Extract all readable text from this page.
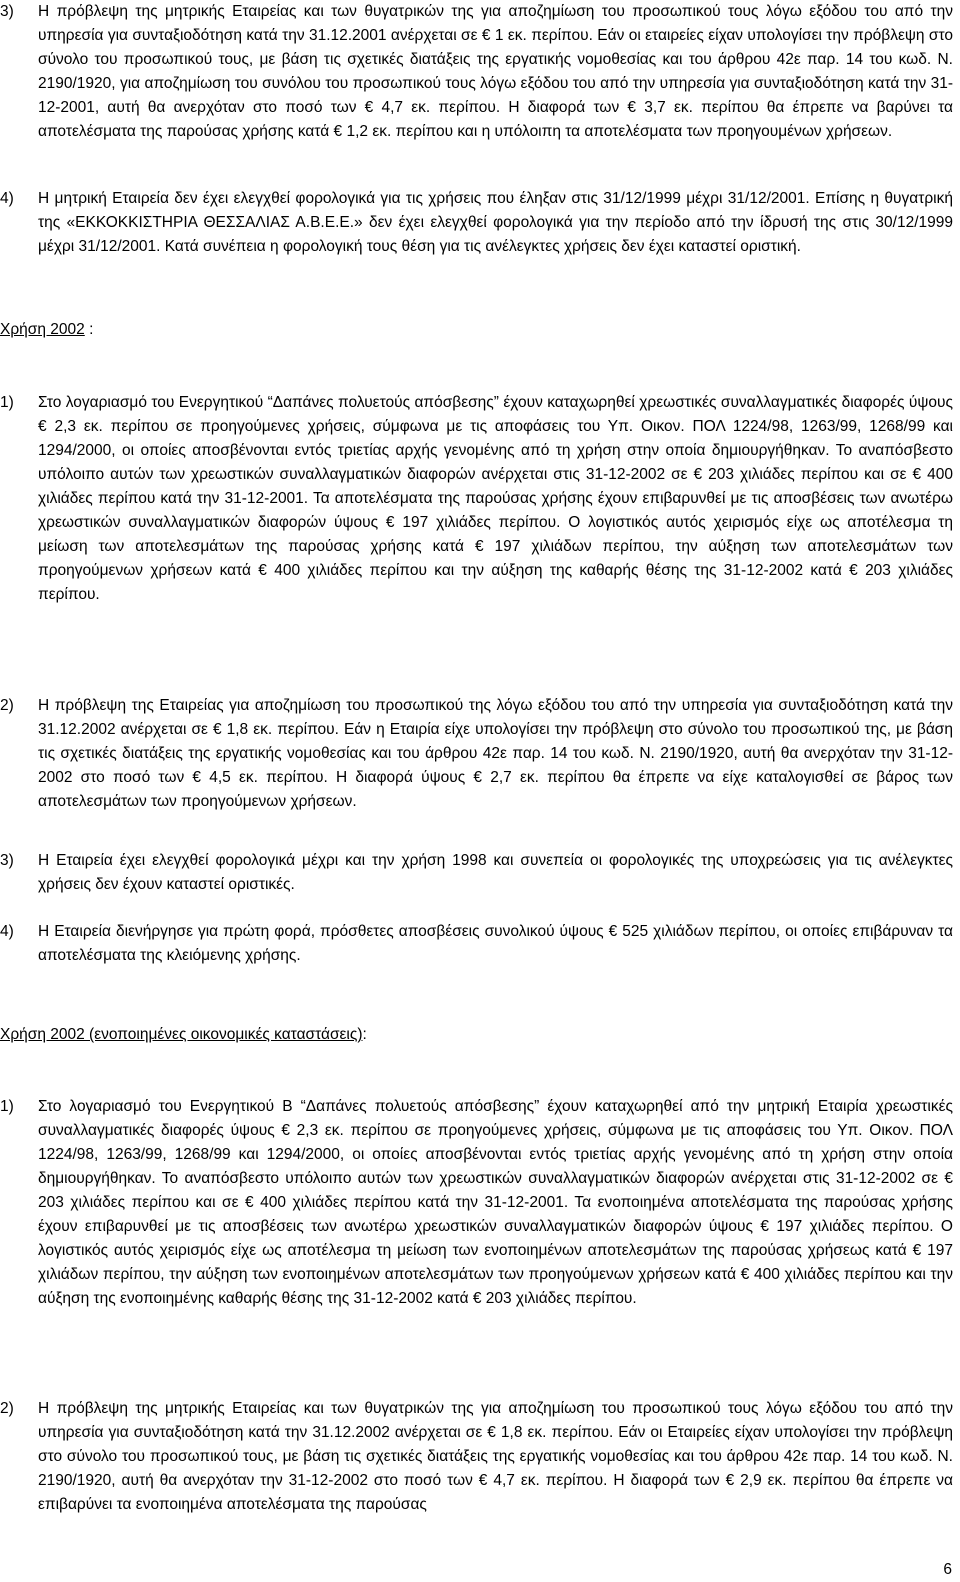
3) Η πρόβλεψη της μητρικής Εταιρείας και των θυγατρικών της για αποζημίωση του προσωπικού τους λόγω εξόδου του από την υπηρεσία για συνταξιοδότηση κατά την 31.12.2001 ανέρχεται σε € 1 εκ. περίπου. Εάν οι εταιρείες είχαν υπολογίσει την πρόβλεψη στο σύνολο του προσωπικού τους, με βάση τις σχετικές διατάξεις της εργατικής νομοθεσίας και του άρθρου 42ε παρ. 14 του κωδ. Ν. 2190/1920, για αποζημίωση του συνόλου του προσωπικού τους λόγω εξόδου του από την υπηρεσία για συνταξιοδότηση κατά την 31-12-2001, αυτή θα ανερχόταν στο ποσό των € 4,7 εκ. περίπου. Η διαφορά των € 3,7 εκ. περίπου θα έπρεπε να βαρύνει τα αποτελέσματα της παρούσας χρήσης κατά € 1,2 εκ. περίπου και η υπόλοιπη τα αποτελέσματα των προηγουμένων χρήσεων.
4) Η μητρική Εταιρεία δεν έχει ελεγχθεί φορολογικά για τις χρήσεις που έληξαν στις 31/12/1999 μέχρι 31/12/2001. Επίσης η θυγατρική της «ΕΚΚΟΚΚΙΣΤΗΡΙΑ ΘΕΣΣΑΛΙΑΣ Α.Β.Ε.Ε.» δεν έχει ελεγχθεί φορολογικά για την περίοδο από την ίδρυσή της στις 30/12/1999 μέχρι 31/12/2001. Κατά συνέπεια η φορολογική τους θέση για τις ανέλεγκτες χρήσεις δεν έχει καταστεί οριστική.
Χρήση 2002 :
1) Στο λογαριασμό του Ενεργητικού “Δαπάνες πολυετούς απόσβεσης” έχουν καταχωρηθεί χρεωστικές συναλλαγματικές διαφορές ύψους € 2,3 εκ. περίπου σε προηγούμενες χρήσεις, σύμφωνα με τις αποφάσεις του Υπ. Οικον. ΠΟΛ 1224/98, 1263/99, 1268/99 και 1294/2000, οι οποίες αποσβένονται εντός τριετίας αρχής γενομένης από τη χρήση στην οποία δημιουργήθηκαν. Το αναπόσβεστο υπόλοιπο αυτών των χρεωστικών συναλλαγματικών διαφορών ανέρχεται στις 31-12-2002 σε € 203 χιλιάδες περίπου και σε € 400 χιλιάδες περίπου κατά την 31-12-2001. Τα αποτελέσματα της παρούσας χρήσης έχουν επιβαρυνθεί με τις αποσβέσεις των ανωτέρω χρεωστικών συναλλαγματικών διαφορών ύψους € 197 χιλιάδες περίπου. Ο λογιστικός αυτός χειρισμός είχε ως αποτέλεσμα τη μείωση των αποτελεσμάτων της παρούσας χρήσης κατά € 197 χιλιάδων περίπου, την αύξηση των αποτελεσμάτων των προηγούμενων χρήσεων κατά € 400 χιλιάδες περίπου και την αύξηση της καθαρής θέσης της 31-12-2002 κατά € 203 χιλιάδες περίπου.
2) Η πρόβλεψη της Εταιρείας για αποζημίωση του προσωπικού της λόγω εξόδου του από την υπηρεσία για συνταξιοδότηση κατά την 31.12.2002 ανέρχεται σε € 1,8 εκ. περίπου. Εάν η Εταιρία είχε υπολογίσει την πρόβλεψη στο σύνολο του προσωπικού της, με βάση τις σχετικές διατάξεις της εργατικής νομοθεσίας και του άρθρου 42ε παρ. 14 του κωδ. Ν. 2190/1920, αυτή θα ανερχόταν την 31-12-2002 στο ποσό των € 4,5 εκ. περίπου. Η διαφορά ύψους € 2,7 εκ. περίπου θα έπρεπε να είχε καταλογισθεί σε βάρος των αποτελεσμάτων των προηγούμενων χρήσεων.
3) Η Εταιρεία έχει ελεγχθεί φορολογικά μέχρι και την χρήση 1998 και συνεπεία οι φορολογικές της υποχρεώσεις για τις ανέλεγκτες χρήσεις δεν έχουν καταστεί οριστικές.
4) Η Εταιρεία διενήργησε για πρώτη φορά, πρόσθετες αποσβέσεις συνολικού ύψους € 525 χιλιάδων περίπου, οι οποίες επιβάρυναν τα αποτελέσματα της κλειόμενης χρήσης.
Χρήση 2002 (ενοποιημένες οικονομικές καταστάσεις):
1) Στο λογαριασμό του Ενεργητικού Β “Δαπάνες πολυετούς απόσβεσης” έχουν καταχωρηθεί από την μητρική Εταιρία χρεωστικές συναλλαγματικές διαφορές ύψους € 2,3 εκ. περίπου σε προηγούμενες χρήσεις, σύμφωνα με τις αποφάσεις του Υπ. Οικον. ΠΟΛ 1224/98, 1263/99, 1268/99 και 1294/2000, οι οποίες αποσβένονται εντός τριετίας αρχής γενομένης από τη χρήση στην οποία δημιουργήθηκαν. Το αναπόσβεστο υπόλοιπο αυτών των χρεωστικών συναλλαγματικών διαφορών ανέρχεται στις 31-12-2002 σε € 203 χιλιάδες περίπου και σε € 400 χιλιάδες περίπου κατά την 31-12-2001. Τα ενοποιημένα αποτελέσματα της παρούσας χρήσης έχουν επιβαρυνθεί με τις αποσβέσεις των ανωτέρω χρεωστικών συναλλαγματικών διαφορών ύψους € 197 χιλιάδες περίπου. Ο λογιστικός αυτός χειρισμός είχε ως αποτέλεσμα τη μείωση των ενοποιημένων αποτελεσμάτων της παρούσας χρήσεως κατά € 197 χιλιάδων περίπου, την αύξηση των ενοποιημένων αποτελεσμάτων των προηγούμενων χρήσεων κατά € 400 χιλιάδες περίπου και την αύξηση της ενοποιημένης καθαρής θέσης της 31-12-2002 κατά € 203 χιλιάδες περίπου.
2) Η πρόβλεψη της μητρικής Εταιρείας και των θυγατρικών της για αποζημίωση του προσωπικού τους λόγω εξόδου του από την υπηρεσία για συνταξιοδότηση κατά την 31.12.2002 ανέρχεται σε € 1,8 εκ. περίπου. Εάν οι Εταιρείες είχαν υπολογίσει την πρόβλεψη στο σύνολο του προσωπικού τους, με βάση τις σχετικές διατάξεις της εργατικής νομοθεσίας και του άρθρου 42ε παρ. 14 του κωδ. Ν. 2190/1920, αυτή θα ανερχόταν την 31-12-2002 στο ποσό των € 4,7 εκ. περίπου. Η διαφορά των € 2,9 εκ. περίπου θα έπρεπε να επιβαρύνει τα ενοποιημένα αποτελέσματα της παρούσας
6
